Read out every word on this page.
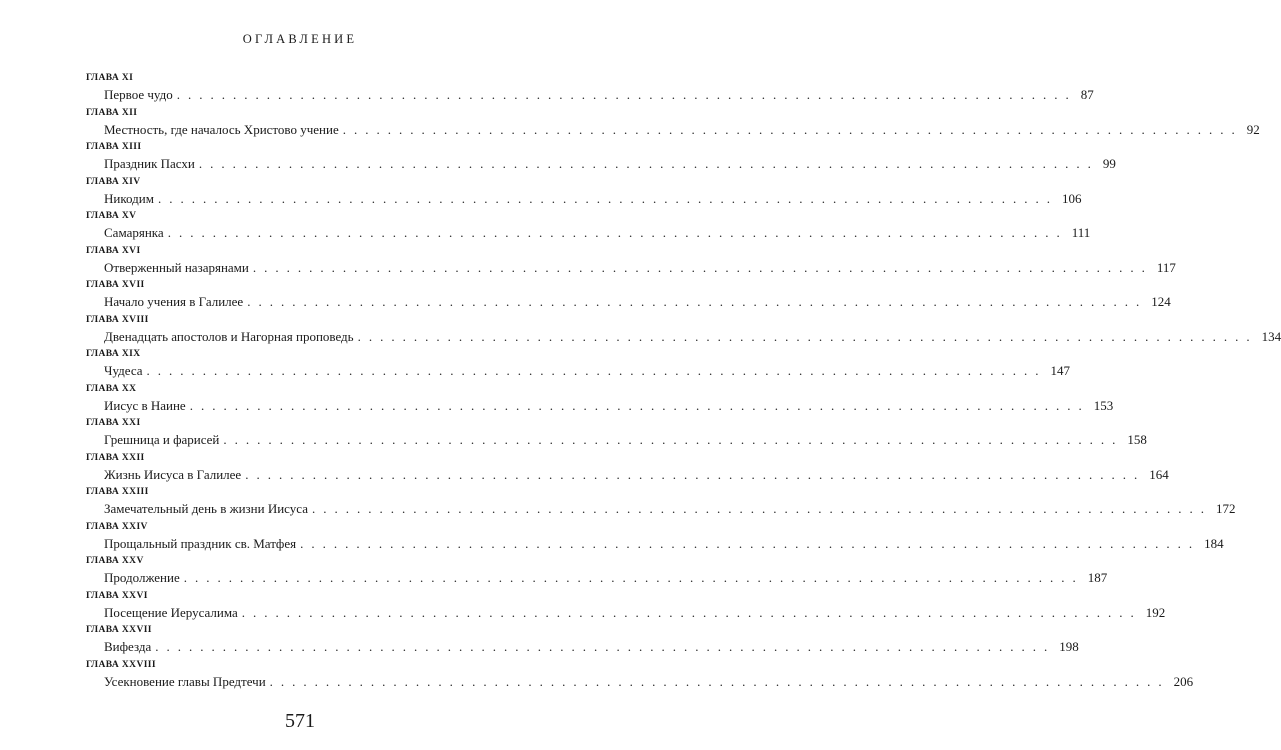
ОГЛАВЛЕНИЕ
ГЛАВА XI
Первое чудо ................................................................................ 87
ГЛАВА XII
Местность, где началось Христово учение ................................................................................ 92
ГЛАВА XIII
Праздник Пасхи ................................................................................ 99
ГЛАВА XIV
Никодим ................................................................................ 106
ГЛАВА XV
Самарянка ................................................................................ 111
ГЛАВА XVI
Отверженный назарянами ................................................................................ 117
ГЛАВА XVII
Начало учения в Галилее ................................................................................ 124
ГЛАВА XVIII
Двенадцать апостолов и Нагорная проповедь ................................................................................ 134
ГЛАВА XIX
Чудеса ................................................................................ 147
ГЛАВА XX
Иисус в Наине ................................................................................ 153
ГЛАВА XXI
Грешница и фарисей ................................................................................ 158
ГЛАВА XXII
Жизнь Иисуса в Галилее ................................................................................ 164
ГЛАВА XXIII
Замечательный день в жизни Иисуса ................................................................................ 172
ГЛАВА XXIV
Прощальный праздник св. Матфея ................................................................................ 184
ГЛАВА XXV
Продолжение ................................................................................ 187
ГЛАВА XXVI
Посещение Иерусалима ................................................................................ 192
ГЛАВА XXVII
Вифезда ................................................................................ 198
ГЛАВА XXVIII
Усекновение главы Предтечи ................................................................................ 206
571
